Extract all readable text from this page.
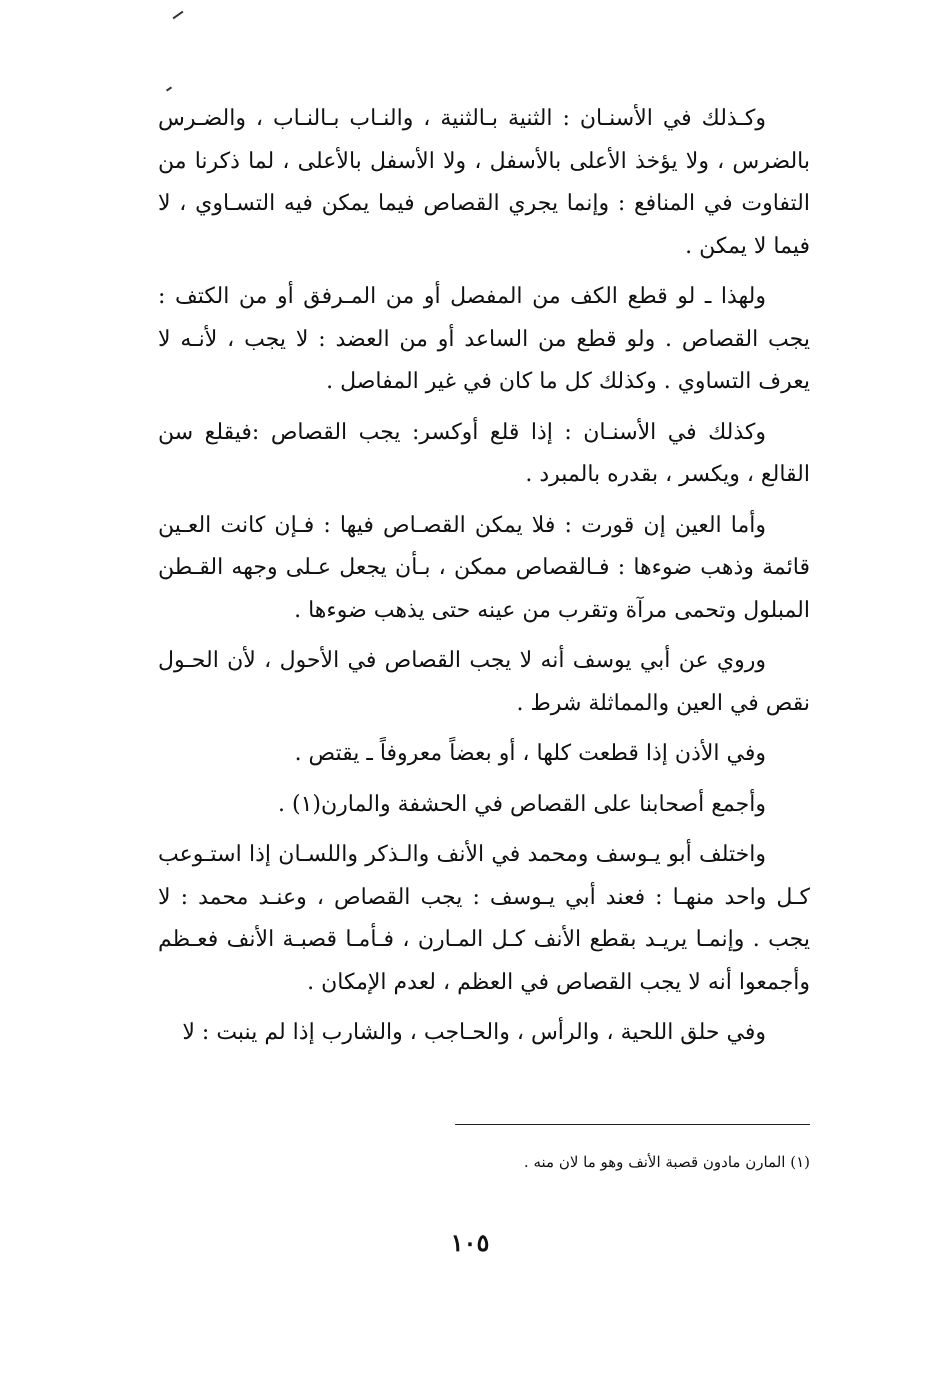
وكـذلك في الأسنـان : الثنية بـالثنية ، والنـاب بـالنـاب ، والضـرس بالضرس ، ولا يؤخذ الأعلى بالأسفل ، ولا الأسفل بالأعلى ، لما ذكرنا من التفاوت في المنافع : وإنما يجري القصاص فيما يمكن فيه التسـاوي ، لا فيما لا يمكن .

ولهذا ـ لو قطع الكف من المفصل أو من المـرفق أو من الكتف : يجب القصاص . ولو قطع من الساعد أو من العضد : لا يجب ، لأنـه لا يعرف التساوي . وكذلك كل ما كان في غير المفاصل .

وكذلك في الأسنـان : إذا قلع أوكسر: يجب القصاص :فيقلع سن القالع ، ويكسر ، بقدره بالمبرد .

وأما العين إن قورت : فلا يمكن القصـاص فيها : فـإن كانت العـين قائمة وذهب ضوءها : فـالقصاص ممكن ، بـأن يجعل عـلى وجهه القـطن المبلول وتحمى مرآة وتقرب من عينه حتى يذهب ضوءها .

وروي عن أبي يوسف أنه لا يجب القصاص في الأحول ، لأن الحـول نقص في العين والمماثلة شرط .

وفي الأذن إذا قطعت كلها ، أو بعضاً معروفاً ـ يقتص .

وأجمع أصحابنا على القصاص في الحشفة والمارن(١) .

واختلف أبو يـوسف ومحمد في الأنف والـذكر واللسـان إذا استـوعب كـل واحد منهـا : فعند أبي يـوسف : يجب القصاص ، وعنـد محمد : لا يجب . وإنمـا يريـد بقطع الأنف كـل المـارن ، فـأمـا قصبـة الأنف فعـظم وأجمعوا أنه لا يجب القصاص في العظم ، لعدم الإمكان .

وفي حلق اللحية ، والرأس ، والحـاجب ، والشارب إذا لم ينبت : لا

(١) المارن مادون قصبة الأنف وهو ما لان منه .
١٠٥
